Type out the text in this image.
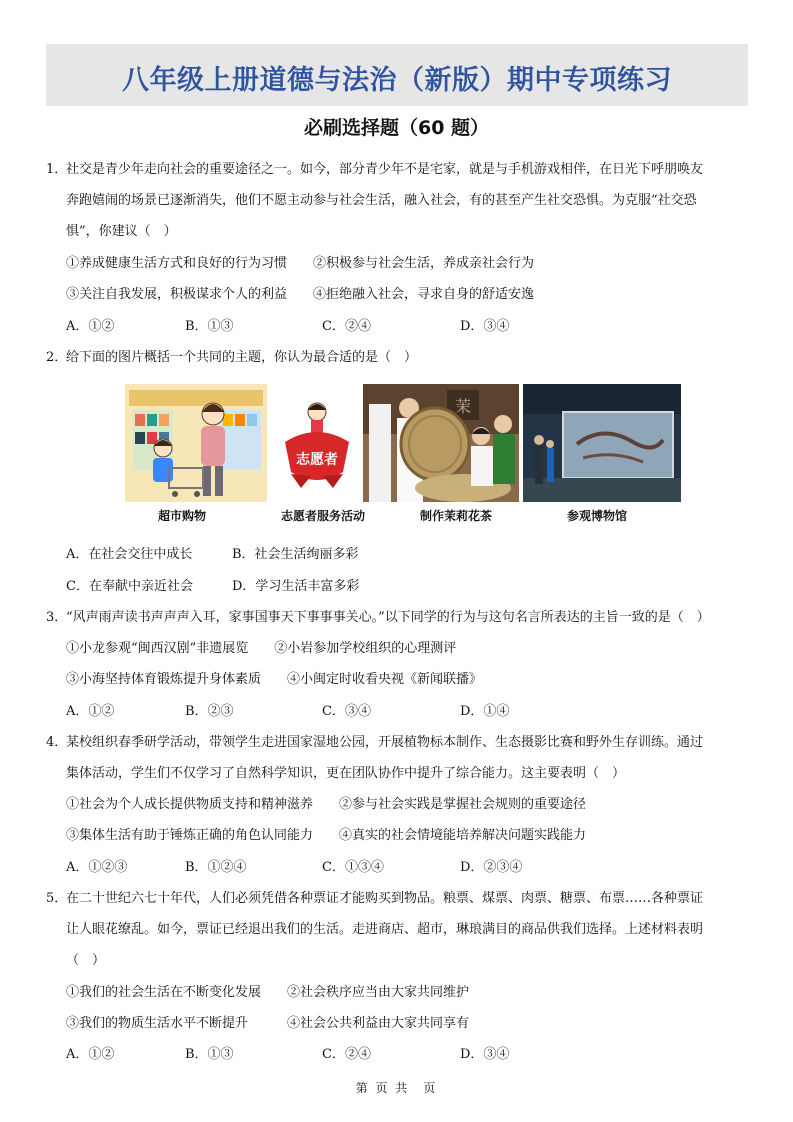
八年级上册道德与法治（新版）期中专项练习
必刷选择题（60 题）
1．
社交是青少年走向社会的重要途径之一。如今，部分青少年不是宅家，就是与手机游戏相伴，在日光下呼朋唤友
奔跑嬉闹的场景已逐渐消失，他们不愿主动参与社会生活，融入社会，有的甚至产生社交恐惧。为克服“社交恐
惧”，你建议（　）
①养成健康生活方式和良好的行为习惯　　②积极参与社会生活，养成亲社会行为
③关注自我发展，积极谋求个人的利益　　④拒绝融入社会，寻求自身的舒适安逸
A．①②	B．①③	C．②④	D．③④
2．
给下面的图片概括一个共同的主题，你认为最合适的是（　）
志愿者
茉
超市购物	志愿者服务活动	制作茉莉花茶	参观博物馆
A．在社会交往中成长	B．社会生活绚丽多彩
C．在奉献中亲近社会	D．学习生活丰富多彩
3．
“风声雨声读书声声声入耳，家事国事天下事事事关心。”以下同学的行为与这句名言所表达的主旨一致的是（　）
①小龙参观“闽西汉剧”非遗展览　　②小岩参加学校组织的心理测评
③小海坚持体育锻炼提升身体素质　　④小闽定时收看央视《新闻联播》
A．①②	B．②③	C．③④	D．①④
4．
某校组织春季研学活动，带领学生走进国家湿地公园，开展植物标本制作、生态摄影比赛和野外生存训练。通过
集体活动，学生们不仅学习了自然科学知识，更在团队协作中提升了综合能力。这主要表明（　）
①社会为个人成长提供物质支持和精神滋养　　②参与社会实践是掌握社会规则的重要途径
③集体生活有助于锤炼正确的角色认同能力　　④真实的社会情境能培养解决问题实践能力
A．①②③	B．①②④	C．①③④	D．②③④
5．
在二十世纪六七十年代，人们必须凭借各种票证才能购买到物品。粮票、煤票、肉票、糖票、布票……各种票证
让人眼花缭乱。如今，票证已经退出我们的生活。走进商店、超市，琳琅满目的商品供我们选择。上述材料表明
（　）
①我们的社会生活在不断变化发展　　②社会秩序应当由大家共同维护
③我们的物质生活水平不断提升　　　④社会公共利益由大家共同享有
A．①②	B．①③	C．②④	D．③④
第 页 共　页
